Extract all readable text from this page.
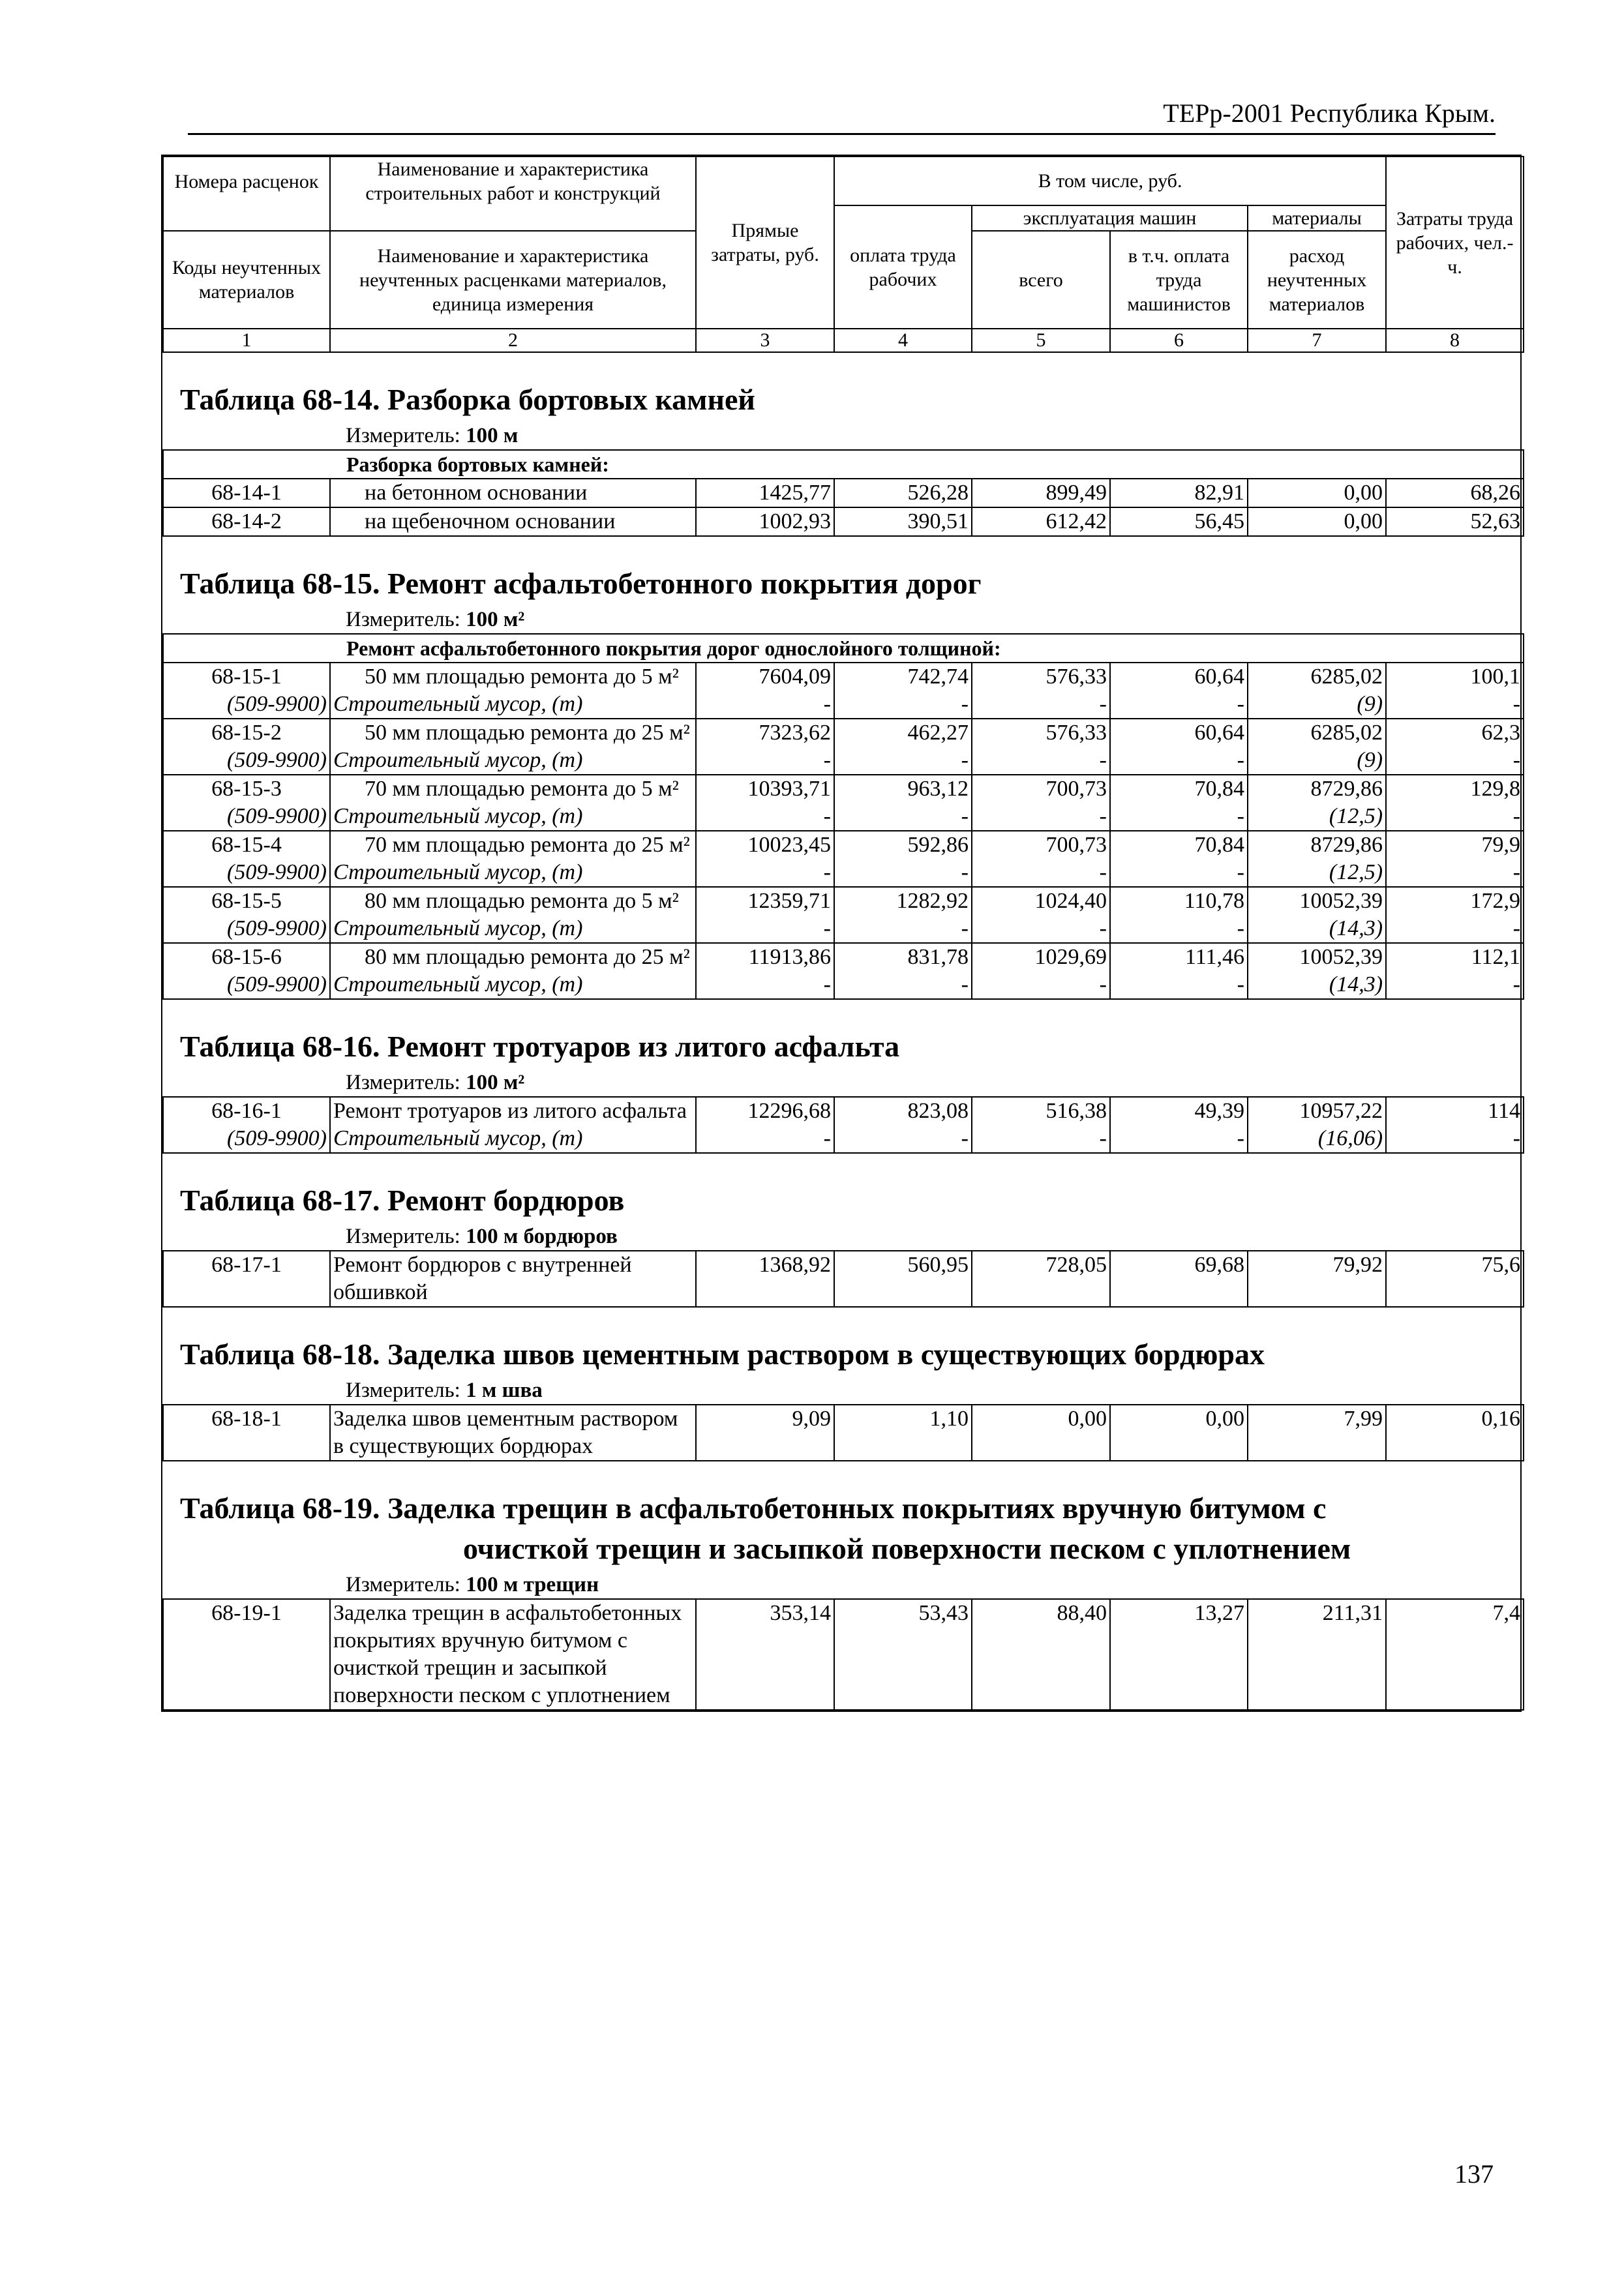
ТЕРр-2001 Республика Крым.
Номера расценок	Наименование и характеристика строительных работ и конструкций	Прямые затраты, руб.	В том числе, руб.				Затраты труда рабочих, чел.-ч.
			оплата труда рабочих	эксплуатация машин		материалы	
Коды неучтенных материалов	Наименование и характеристика неучтенных расценками материалов, единица измерения			всего	в т.ч. оплата труда машинистов	расход неучтенных материалов	
1	2	3	4	5	6	7	8
Таблица 68-14. Разборка бортовых камней							
Измеритель: 100 м							
Разборка бортовых камней:							
68-14-1	на бетонном основании	1425,77	526,28	899,49	82,91	0,00	68,26
68-14-2	на щебеночном основании	1002,93	390,51	612,42	56,45	0,00	52,63
Таблица 68-15. Ремонт асфальтобетонного покрытия дорог							
Измеритель: 100 м²							
Ремонт асфальтобетонного покрытия дорог однослойного толщиной:							
68-15-1	50 мм площадью ремонта до 5 м²	7604,09	742,74	576,33	60,64	6285,02	100,1
(509-9900)	Строительный мусор, (т)	-	-	-	-	(9)	-
68-15-2	50 мм площадью ремонта до 25 м²	7323,62	462,27	576,33	60,64	6285,02	62,3
(509-9900)	Строительный мусор, (т)	-	-	-	-	(9)	-
68-15-3	70 мм площадью ремонта до 5 м²	10393,71	963,12	700,73	70,84	8729,86	129,8
(509-9900)	Строительный мусор, (т)	-	-	-	-	(12,5)	-
68-15-4	70 мм площадью ремонта до 25 м²	10023,45	592,86	700,73	70,84	8729,86	79,9
(509-9900)	Строительный мусор, (т)	-	-	-	-	(12,5)	-
68-15-5	80 мм площадью ремонта до 5 м²	12359,71	1282,92	1024,40	110,78	10052,39	172,9
(509-9900)	Строительный мусор, (т)	-	-	-	-	(14,3)	-
68-15-6	80 мм площадью ремонта до 25 м²	11913,86	831,78	1029,69	111,46	10052,39	112,1
(509-9900)	Строительный мусор, (т)	-	-	-	-	(14,3)	-
Таблица 68-16. Ремонт тротуаров из литого асфальта							
Измеритель: 100 м²							
68-16-1	Ремонт тротуаров из литого асфальта	12296,68	823,08	516,38	49,39	10957,22	114
(509-9900)	Строительный мусор, (т)	-	-	-	-	(16,06)	-
Таблица 68-17. Ремонт бордюров							
Измеритель: 100 м бордюров							
68-17-1	Ремонт бордюров с внутренней обшивкой	1368,92	560,95	728,05	69,68	79,92	75,6
Таблица 68-18. Заделка швов цементным раствором в существующих бордюрах							
Измеритель: 1 м шва							
68-18-1	Заделка швов цементным раствором в существующих бордюрах	9,09	1,10	0,00	0,00	7,99	0,16
Таблица 68-19. Заделка трещин в асфальтобетонных покрытиях вручную битумом с							
очисткой трещин и засыпкой поверхности песком с уплотнением							
Измеритель: 100 м трещин							
68-19-1	Заделка трещин в асфальтобетонных покрытиях вручную битумом с очисткой трещин и засыпкой поверхности песком с уплотнением	353,14	53,43	88,40	13,27	211,31	7,4
137
